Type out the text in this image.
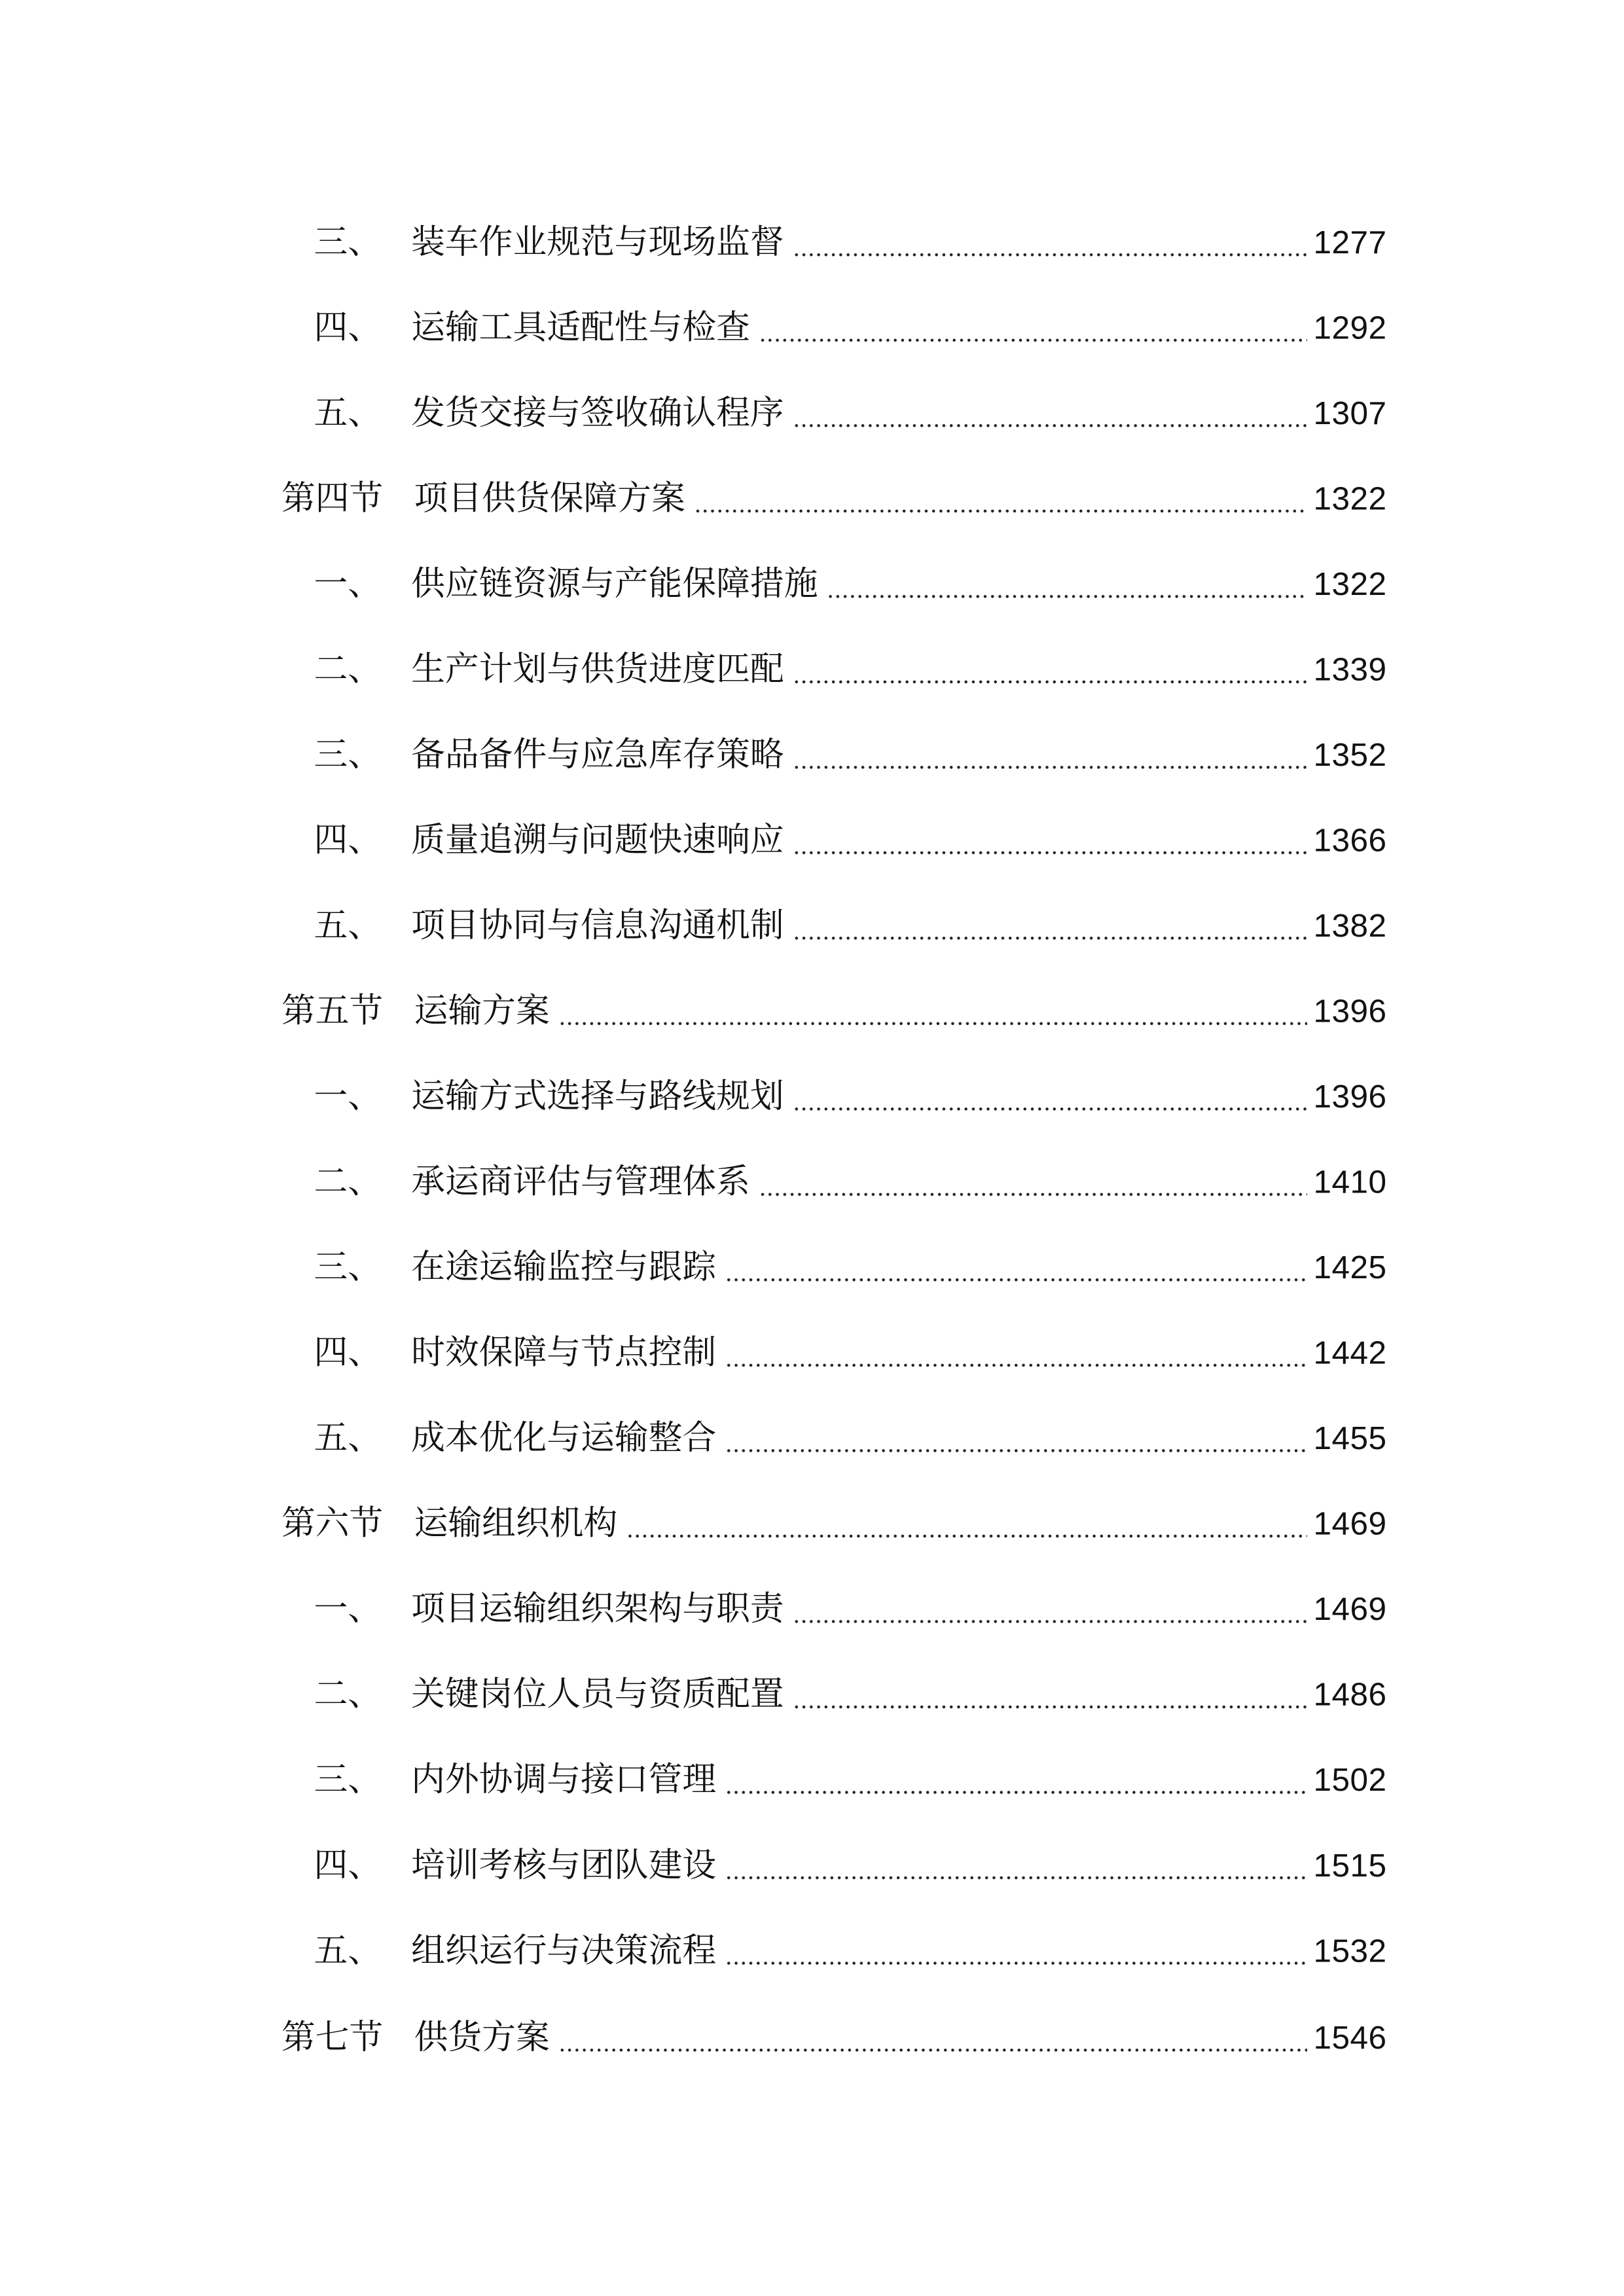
三、	装车作业规范与现场监督	1277
四、	运输工具适配性与检查	1292
五、	发货交接与签收确认程序	1307
第四节	项目供货保障方案	1322
一、	供应链资源与产能保障措施	1322
二、	生产计划与供货进度匹配	1339
三、	备品备件与应急库存策略	1352
四、	质量追溯与问题快速响应	1366
五、	项目协同与信息沟通机制	1382
第五节	运输方案	1396
一、	运输方式选择与路线规划	1396
二、	承运商评估与管理体系	1410
三、	在途运输监控与跟踪	1425
四、	时效保障与节点控制	1442
五、	成本优化与运输整合	1455
第六节	运输组织机构	1469
一、	项目运输组织架构与职责	1469
二、	关键岗位人员与资质配置	1486
三、	内外协调与接口管理	1502
四、	培训考核与团队建设	1515
五、	组织运行与决策流程	1532
第七节	供货方案	1546
